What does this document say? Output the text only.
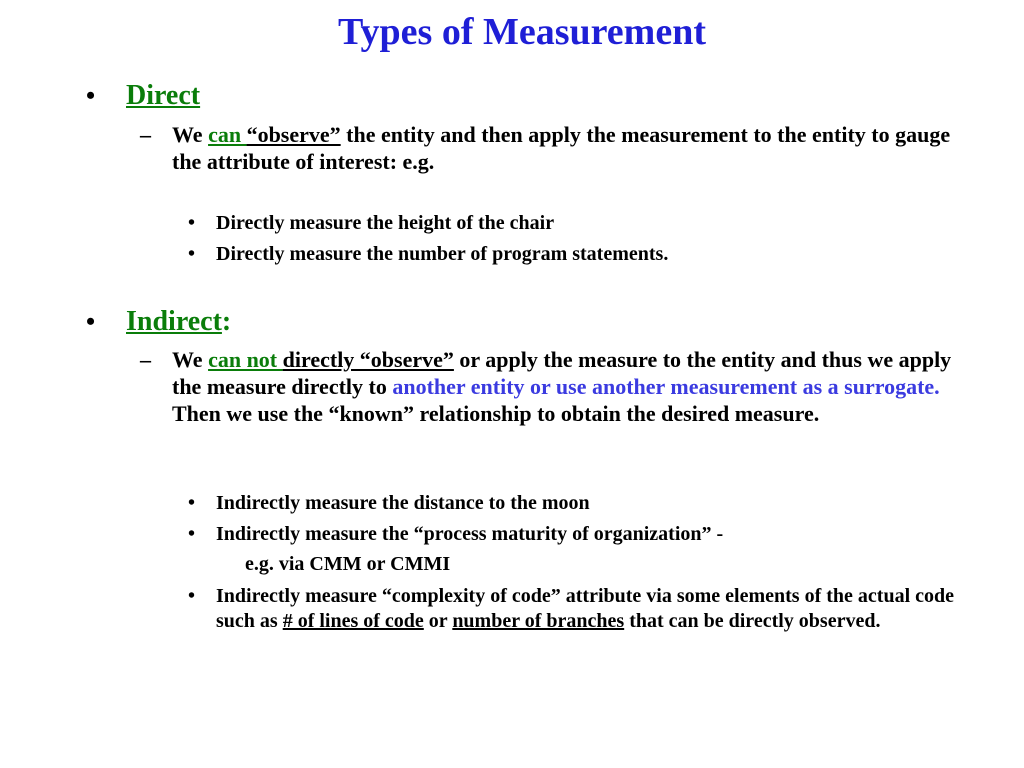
Types of Measurement
• Direct
– We can “observe” the entity and then apply the measurement to the entity to gauge the attribute of interest: e.g.
•	Directly measure the height of the chair
•	Directly measure the number of program statements.
• Indirect:
– We can not directly “observe” or apply the measure to the entity and thus we apply the measure directly to another entity or use another measurement as a surrogate. Then we use the “known” relationship to obtain the desired measure.
•	Indirectly measure the distance to the moon
•	Indirectly measure the “process maturity of organization” -
e.g. via CMM or CMMI
•	Indirectly measure “complexity of code” attribute via some elements of the actual code such as # of lines of code or number of branches that can be directly observed.
